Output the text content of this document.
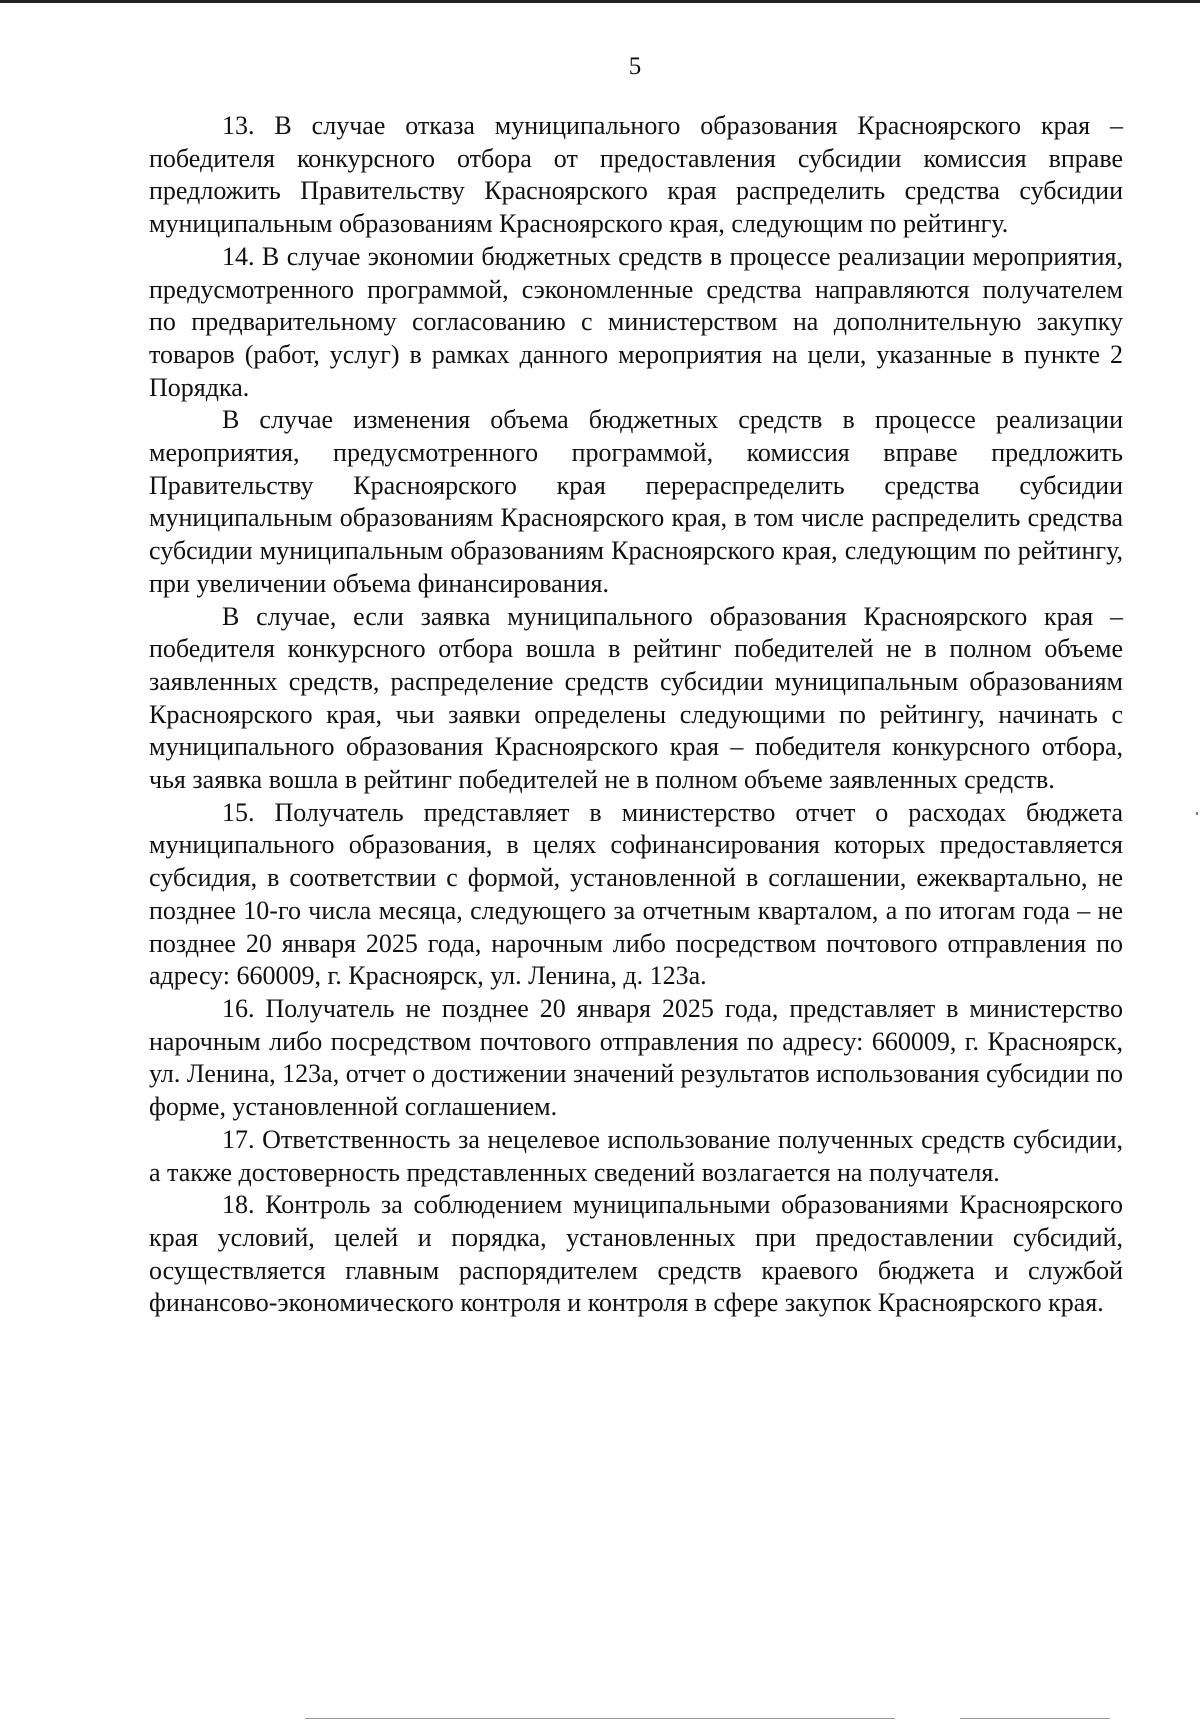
5

13. В случае отказа муниципального образования Красноярского края – победителя конкурсного отбора от предоставления субсидии комиссия вправе предложить Правительству Красноярского края распределить средства субсидии муниципальным образованиям Красноярского края, следующим по рейтингу.

14. В случае экономии бюджетных средств в процессе реализации мероприятия, предусмотренного программой, сэкономленные средства направляются получателем по предварительному согласованию с министерством на дополнительную закупку товаров (работ, услуг) в рамках данного мероприятия на цели, указанные в пункте 2 Порядка.

В случае изменения объема бюджетных средств в процессе реализации мероприятия, предусмотренного программой, комиссия вправе предложить Правительству Красноярского края перераспределить средства субсидии муниципальным образованиям Красноярского края, в том числе распределить средства субсидии муниципальным образованиям Красноярского края, следующим по рейтингу, при увеличении объема финансирования.

В случае, если заявка муниципального образования Красноярского края – победителя конкурсного отбора вошла в рейтинг победителей не в полном объеме заявленных средств, распределение средств субсидии муниципальным образованиям Красноярского края, чьи заявки определены следующими по рейтингу, начинать с муниципального образования Красноярского края – победителя конкурсного отбора, чья заявка вошла в рейтинг победителей не в полном объеме заявленных средств.

15. Получатель представляет в министерство отчет о расходах бюджета муниципального образования, в целях софинансирования которых предоставляется субсидия, в соответствии с формой, установленной в соглашении, ежеквартально, не позднее 10-го числа месяца, следующего за отчетным кварталом, а по итогам года – не позднее 20 января 2025 года, нарочным либо посредством почтового отправления по адресу: 660009, г. Красноярск, ул. Ленина, д. 123а.

16. Получатель не позднее 20 января 2025 года, представляет в министерство нарочным либо посредством почтового отправления по адресу: 660009, г. Красноярск, ул. Ленина, 123а, отчет о достижении значений результатов использования субсидии по форме, установленной соглашением.

17. Ответственность за нецелевое использование полученных средств субсидии, а также достоверность представленных сведений возлагается на получателя.

18. Контроль за соблюдением муниципальными образованиями Красноярского края условий, целей и порядка, установленных при предоставлении субсидий, осуществляется главным распорядителем средств краевого бюджета и службой финансово-экономического контроля и контроля в сфере закупок Красноярского края.
